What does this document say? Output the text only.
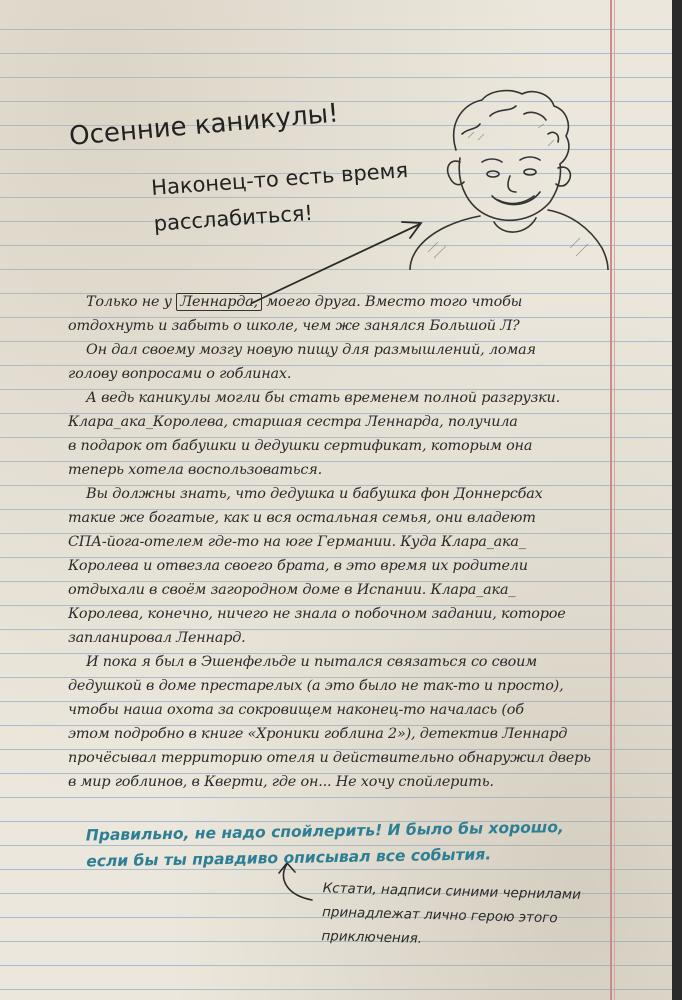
Осенние каникулы!
Наконец-то есть время
расслабиться!
Только не у Леннарда, моего друга. Вместо того чтобы
отдохнуть и забыть о школе, чем же занялся Большой Л?
Он дал своему мозгу новую пищу для размышлений, ломая
голову вопросами о гоблинах.
А ведь каникулы могли бы стать временем полной разгрузки.
Клара_ака_Королева, старшая сестра Леннарда, получила
в подарок от бабушки и дедушки сертификат, которым она
теперь хотела воспользоваться.
Вы должны знать, что дедушка и бабушка фон Доннерсбах
такие же богатые, как и вся остальная семья, они владеют
СПА-йога-отелем где-то на юге Германии. Куда Клара_ака_
Королева и отвезла своего брата, в это время их родители
отдыхали в своём загородном доме в Испании. Клара_ака_
Королева, конечно, ничего не знала о побочном задании, которое
запланировал Леннард.
И пока я был в Эшенфельде и пытался связаться со своим
дедушкой в доме престарелых (а это было не так-то и просто),
чтобы наша охота за сокровищем наконец-то началась (об
этом подробно в книге «Хроники гоблина 2»), детектив Леннард
прочёсывал территорию отеля и действительно обнаружил дверь
в мир гоблинов, в Кверти, где он... Не хочу спойлерить.
Правильно, не надо спойлерить! И было бы хорошо,
если бы ты правдиво описывал все события.
Кстати, надписи синими чернилами
принадлежат лично герою этого
приключения.
